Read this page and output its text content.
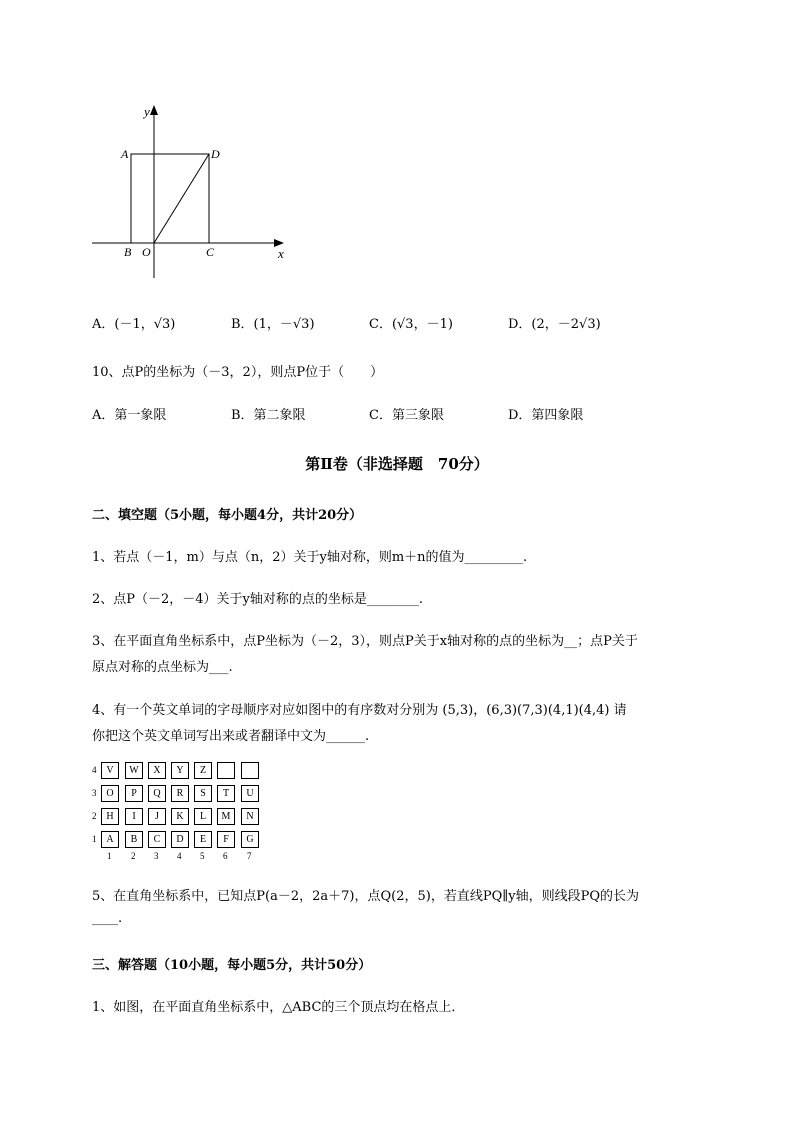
y
x
A	D
B O	C
A．(－1，√3)	B．(1，－√3)	C．(√3，－1)	D．(2，－2√3)
10、点P的坐标为（－3，2），则点P位于（　　）
A．第一象限	B．第二象限	C．第三象限	D．第四象限
第Ⅱ卷（非选择题　70分）
二、填空题（5小题，每小题4分，共计20分）
1、若点（－1，m）与点（n，2）关于y轴对称，则m＋n的值为_________.
2、点P（－2，－4）关于y轴对称的点的坐标是________.
3、在平面直角坐标系中，点P坐标为（－2，3），则点P关于x轴对称的点的坐标为__；点P关于
原点对称的点坐标为___.
4、有一个英文单词的字母顺序对应如图中的有序数对分别为 (5,3)，(6,3)(7,3)(4,1)(4,4) 请
你把这个英文单词写出来或者翻译中文为______.
4
3
2
1
V	W	X	Y	Z
O	P	Q	R	S	T	U
H	I	J	K	L	M	N
A	B	C	D	E	F	G
1 2 3 4 5 6 7
5、在直角坐标系中，已知点P(a－2，2a＋7)，点Q(2，5)，若直线PQ∥y轴，则线段PQ的长为
____.
三、解答题（10小题，每小题5分，共计50分）
1、如图，在平面直角坐标系中，△ABC的三个顶点均在格点上．
